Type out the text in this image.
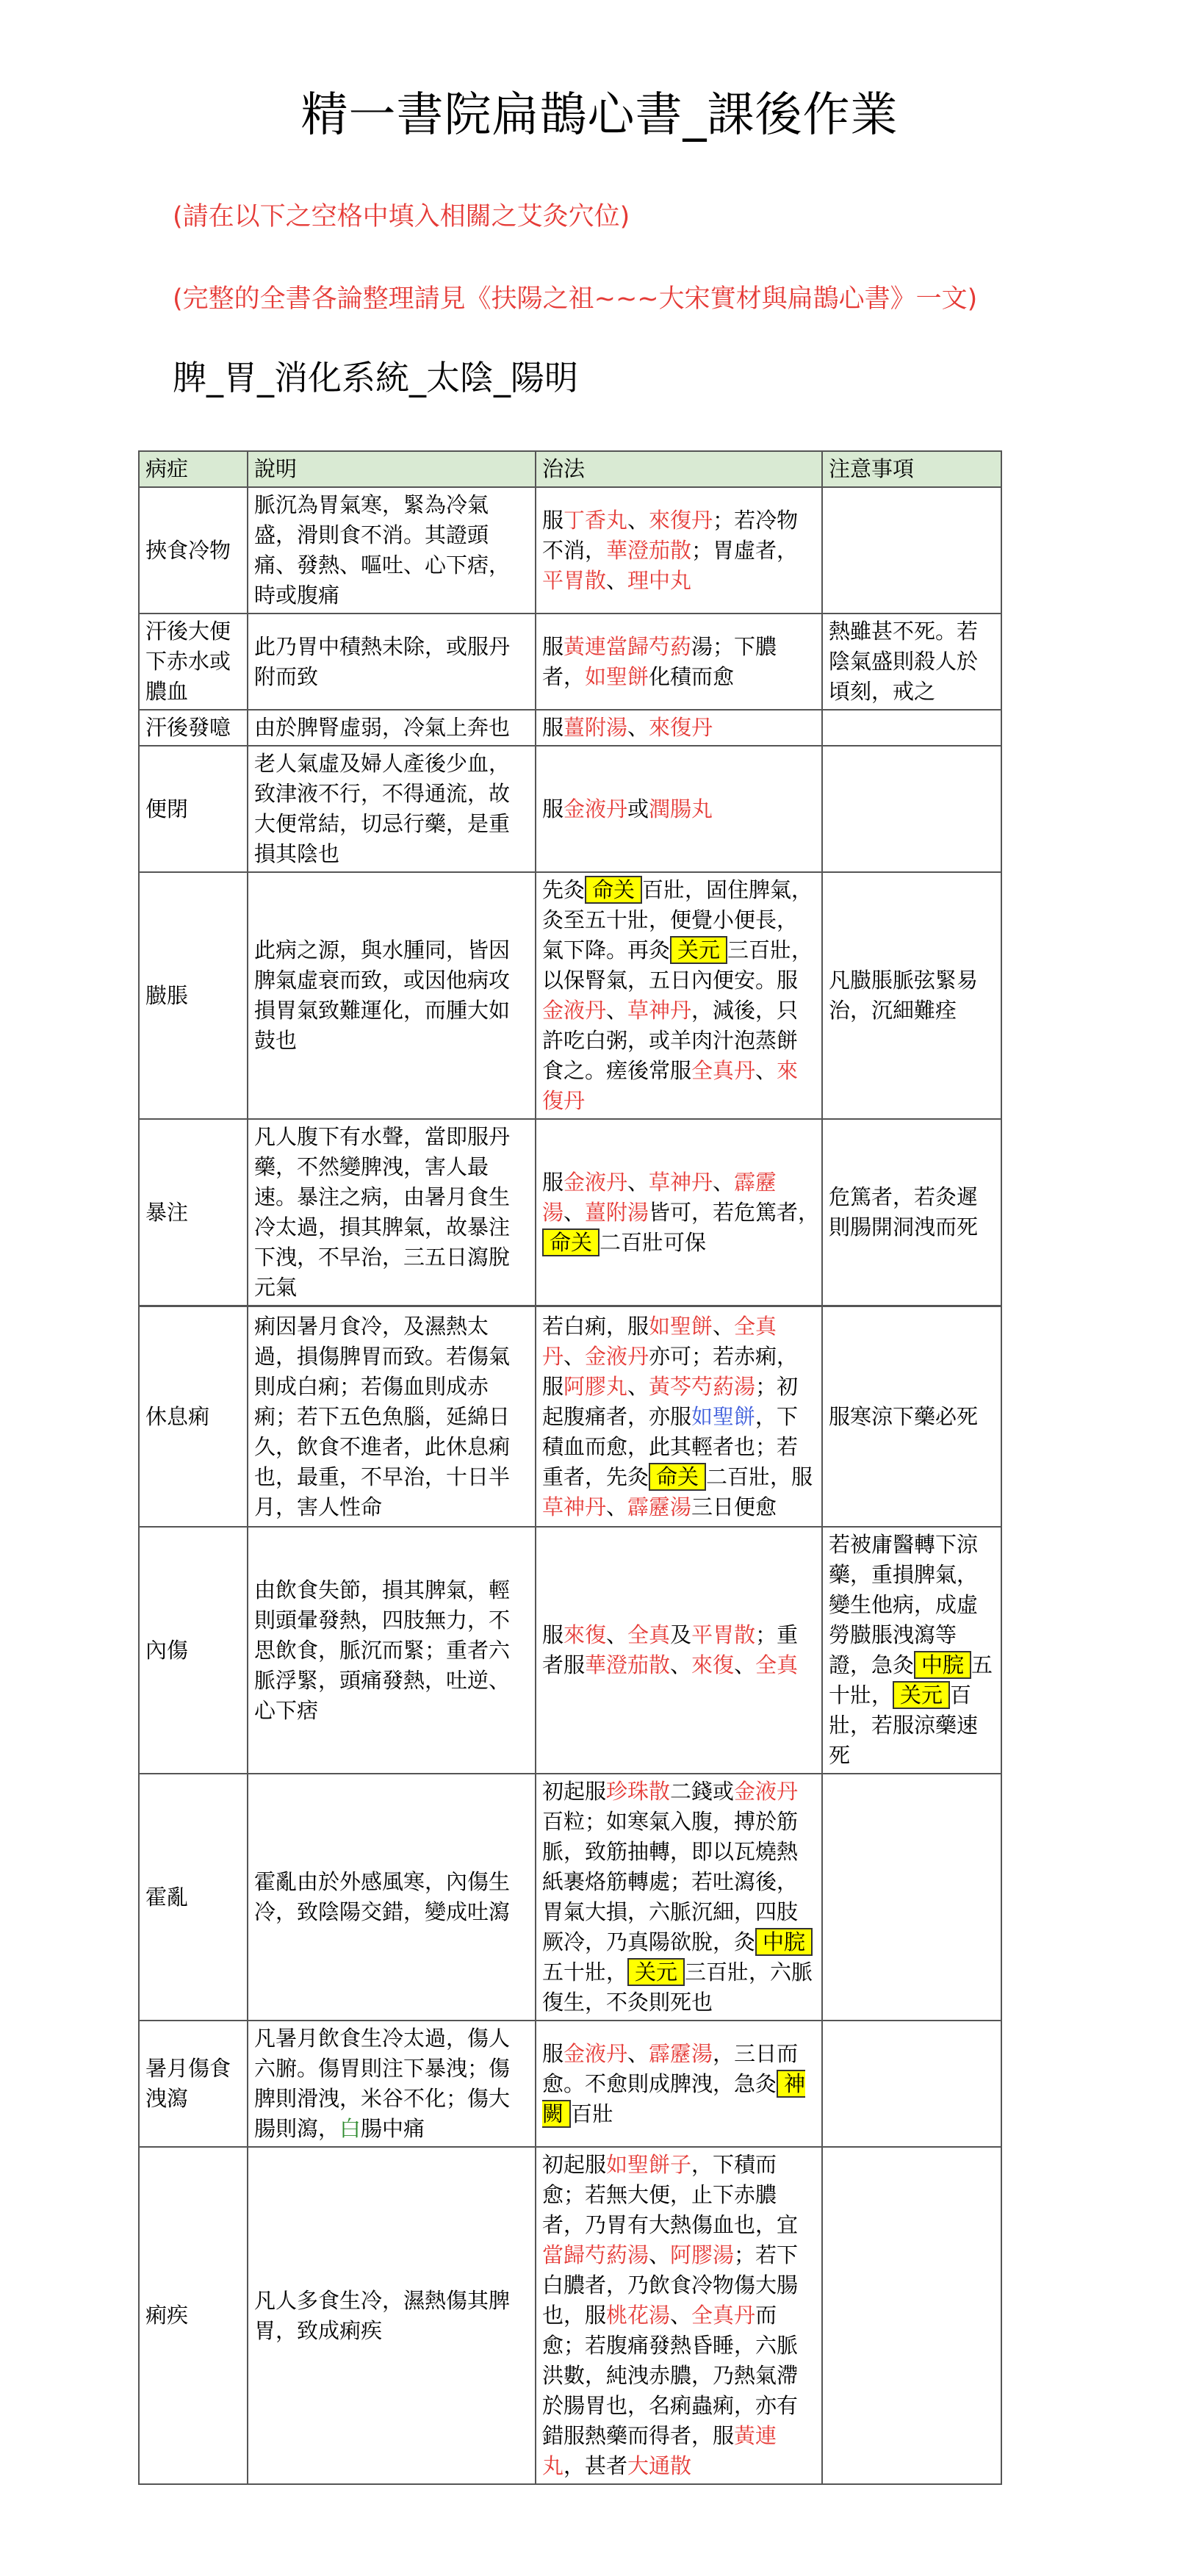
精一書院扁鵲心書_課後作業
(請在以下之空格中填入相關之艾灸穴位)
(完整的全書各論整理請見《扶陽之祖~~~大宋實材與扁鵲心書》一文)
脾_胃_消化系統_太陰_陽明
病症	說明	治法	注意事項
挾食冷物	脈沉為胃氣寒，緊為冷氣盛，滑則食不消。其證頭痛、發熱、嘔吐、心下痞，時或腹痛	服丁香丸、來復丹；若冷物不消，華澄茄散；胃虛者，平胃散、理中丸	
汗後大便下赤水或膿血	此乃胃中積熱未除，或服丹附而致	服黃連當歸芍葯湯；下膿者，如聖餅化積而愈	熱雖甚不死。若陰氣盛則殺人於頃刻，戒之
汗後發噫	由於脾腎虛弱，冷氣上奔也	服薑附湯、來復丹	
便閉	老人氣虛及婦人產後少血，致津液不行，不得通流，故大便常結，切忌行藥，是重損其陰也	服金液丹或潤腸丸	
臌脹	此病之源，與水腫同，皆因脾氣虛衰而致，或因他病攻損胃氣致難運化，而腫大如鼓也	先灸 命关 百壯，固住脾氣，灸至五十壯，便覺小便長，氣下降。再灸 关元 三百壯，以保腎氣，五日內便安。服金液丹、草神丹，減後，只許吃白粥，或羊肉汁泡蒸餅食之。瘥後常服全真丹、來復丹	凡臌脹脈弦緊易治，沉細難痊
暴注	凡人腹下有水聲，當即服丹藥，不然變脾洩，害人最速。暴注之病，由暑月食生冷太過，損其脾氣，故暴注下洩，不早治，三五日瀉脫元氣	服金液丹、草神丹、霹靂湯、薑附湯皆可，若危篤者，　命关 二百壯可保	危篤者，若灸遲則腸開洞洩而死
休息痢	痢因暑月食冷，及濕熱太過，損傷脾胃而致。若傷氣則成白痢；若傷血則成赤痢；若下五色魚腦，延綿日久，飲食不進者，此休息痢也，最重，不早治，十日半月，害人性命	若白痢，服如聖餅、全真丹、金液丹亦可；若赤痢，服阿膠丸、黃芩芍葯湯；初起腹痛者，亦服如聖餅，下積血而愈，此其輕者也；若重者，先灸 命关 二百壯，服草神丹、霹靂湯三日便愈	服寒涼下藥必死
內傷	由飲食失節，損其脾氣，輕則頭暈發熱，四肢無力，不思飲食，脈沉而緊；重者六脈浮緊，頭痛發熱，吐逆、心下痞	服來復、全真及平胃散；重者服華澄茄散、來復、全真	若被庸醫轉下涼藥，重損脾氣，變生他病，成虛勞臌脹洩瀉等證，急灸 中脘 五十壯， 关元 百壯，若服涼藥速死
霍亂	霍亂由於外感風寒，內傷生冷，致陰陽交錯，變成吐瀉	初起服珍珠散二錢或金液丹百粒；如寒氣入腹，搏於筋脈，致筋抽轉，即以瓦燒熱紙裹烙筋轉處；若吐瀉後，胃氣大損，六脈沉細，四肢厥冷，乃真陽欲脫，灸 中脘五十壯， 关元 三百壯，六脈復生，不灸則死也	
暑月傷食洩瀉	凡暑月飲食生冷太過，傷人六腑。傷胃則注下暴洩；傷脾則滑洩，米谷不化；傷大腸則瀉，白腸中痛	服金液丹、霹靂湯，三日而愈。不愈則成脾洩，急灸 神闕 百壯	
痢疾	凡人多食生冷，濕熱傷其脾胃，致成痢疾	初起服如聖餅子，下積而愈；若無大便，止下赤膿者，乃胃有大熱傷血也，宜當歸芍葯湯、阿膠湯；若下白膿者，乃飲食冷物傷大腸也，服桃花湯、全真丹而愈；若腹痛發熱昏睡，六脈洪數，純洩赤膿，乃熱氣滯於腸胃也，名痢蟲痢，亦有錯服熱藥而得者，服黃連丸，甚者大通散	
